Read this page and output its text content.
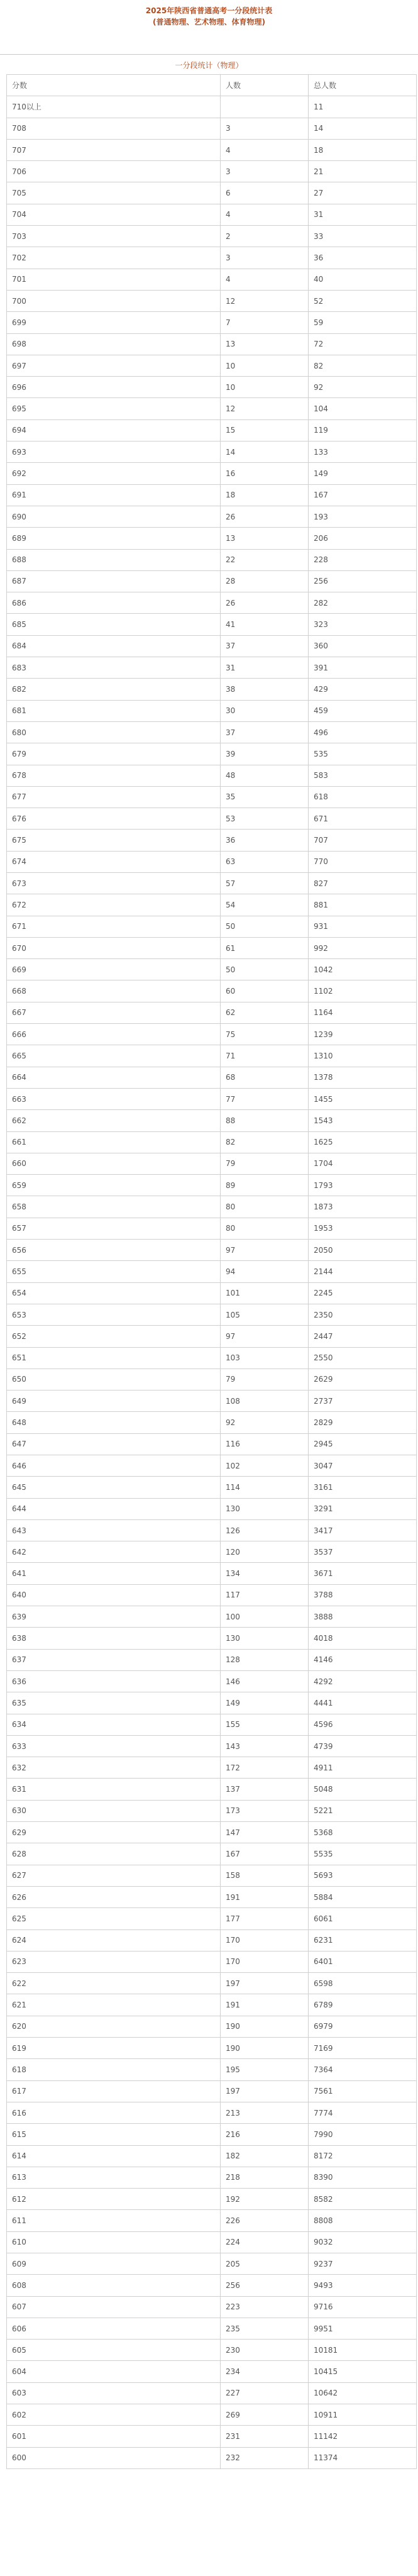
2025年陕西省普通高考一分段统计表
(普通物理、艺术物理、体育物理)
一分段统计（物理）
分数	人数	总人数
710以上		11
708	3	14
707	4	18
706	3	21
705	6	27
704	4	31
703	2	33
702	3	36
701	4	40
700	12	52
699	7	59
698	13	72
697	10	82
696	10	92
695	12	104
694	15	119
693	14	133
692	16	149
691	18	167
690	26	193
689	13	206
688	22	228
687	28	256
686	26	282
685	41	323
684	37	360
683	31	391
682	38	429
681	30	459
680	37	496
679	39	535
678	48	583
677	35	618
676	53	671
675	36	707
674	63	770
673	57	827
672	54	881
671	50	931
670	61	992
669	50	1042
668	60	1102
667	62	1164
666	75	1239
665	71	1310
664	68	1378
663	77	1455
662	88	1543
661	82	1625
660	79	1704
659	89	1793
658	80	1873
657	80	1953
656	97	2050
655	94	2144
654	101	2245
653	105	2350
652	97	2447
651	103	2550
650	79	2629
649	108	2737
648	92	2829
647	116	2945
646	102	3047
645	114	3161
644	130	3291
643	126	3417
642	120	3537
641	134	3671
640	117	3788
639	100	3888
638	130	4018
637	128	4146
636	146	4292
635	149	4441
634	155	4596
633	143	4739
632	172	4911
631	137	5048
630	173	5221
629	147	5368
628	167	5535
627	158	5693
626	191	5884
625	177	6061
624	170	6231
623	170	6401
622	197	6598
621	191	6789
620	190	6979
619	190	7169
618	195	7364
617	197	7561
616	213	7774
615	216	7990
614	182	8172
613	218	8390
612	192	8582
611	226	8808
610	224	9032
609	205	9237
608	256	9493
607	223	9716
606	235	9951
605	230	10181
604	234	10415
603	227	10642
602	269	10911
601	231	11142
600	232	11374
